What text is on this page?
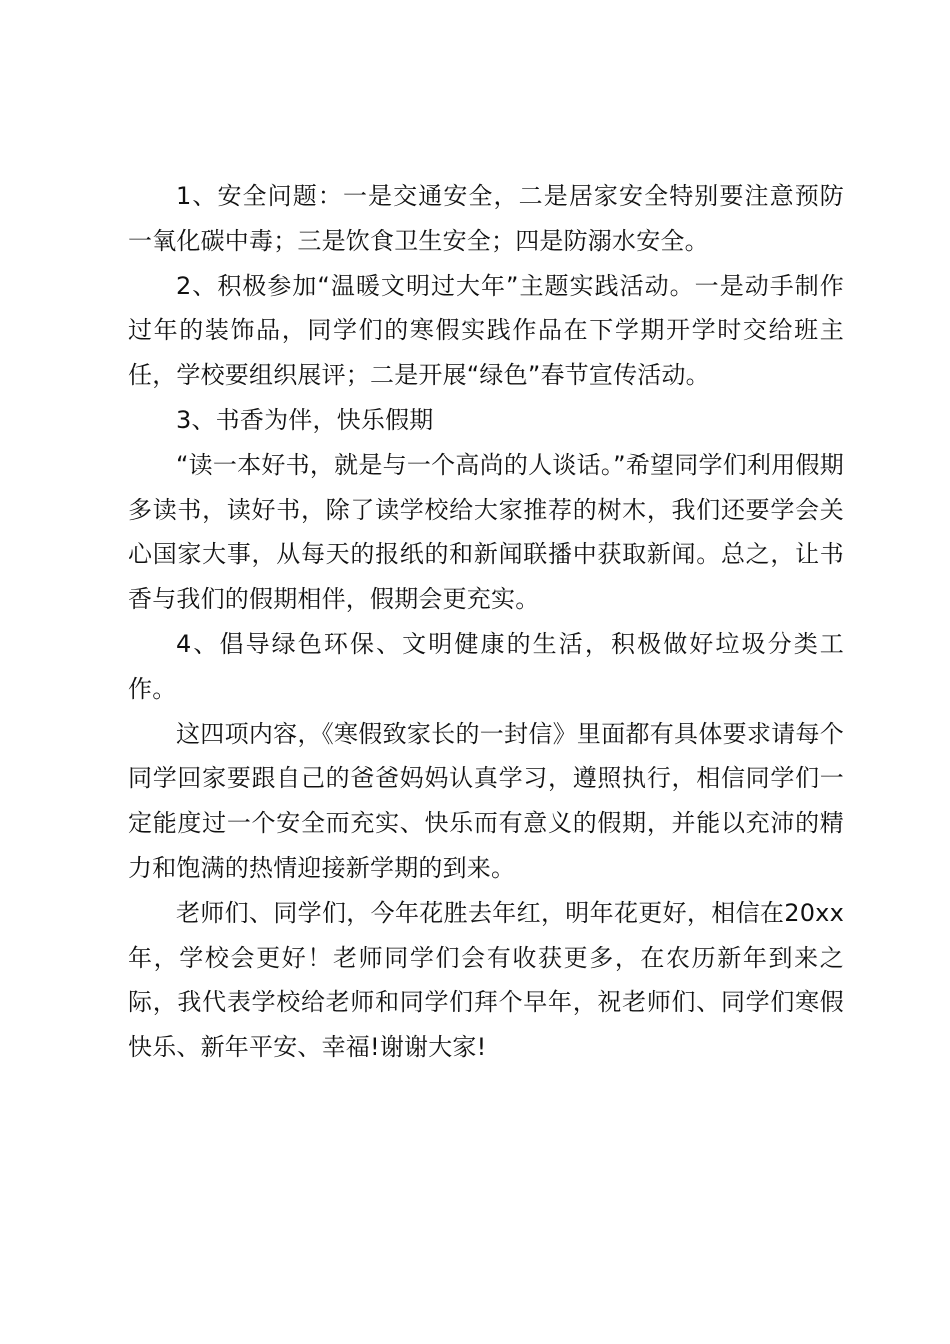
1、安全问题：一是交通安全，二是居家安全特别要注意预防一氧化碳中毒；三是饮食卫生安全；四是防溺水安全。

2、积极参加“温暖文明过大年”主题实践活动。一是动手制作过年的装饰品，同学们的寒假实践作品在下学期开学时交给班主任，学校要组织展评；二是开展“绿色”春节宣传活动。

3、书香为伴，快乐假期

“读一本好书，就是与一个高尚的人谈话。”希望同学们利用假期多读书，读好书，除了读学校给大家推荐的树木，我们还要学会关心国家大事，从每天的报纸的和新闻联播中获取新闻。总之，让书香与我们的假期相伴，假期会更充实。

4、倡导绿色环保、文明健康的生活，积极做好垃圾分类工作。

这四项内容，《寒假致家长的一封信》里面都有具体要求请每个同学回家要跟自己的爸爸妈妈认真学习，遵照执行，相信同学们一定能度过一个安全而充实、快乐而有意义的假期，并能以充沛的精力和饱满的热情迎接新学期的到来。

老师们、同学们，今年花胜去年红，明年花更好，相信在20xx年，学校会更好！老师同学们会有收获更多，在农历新年到来之际，我代表学校给老师和同学们拜个早年，祝老师们、同学们寒假快乐、新年平安、幸福!谢谢大家!
